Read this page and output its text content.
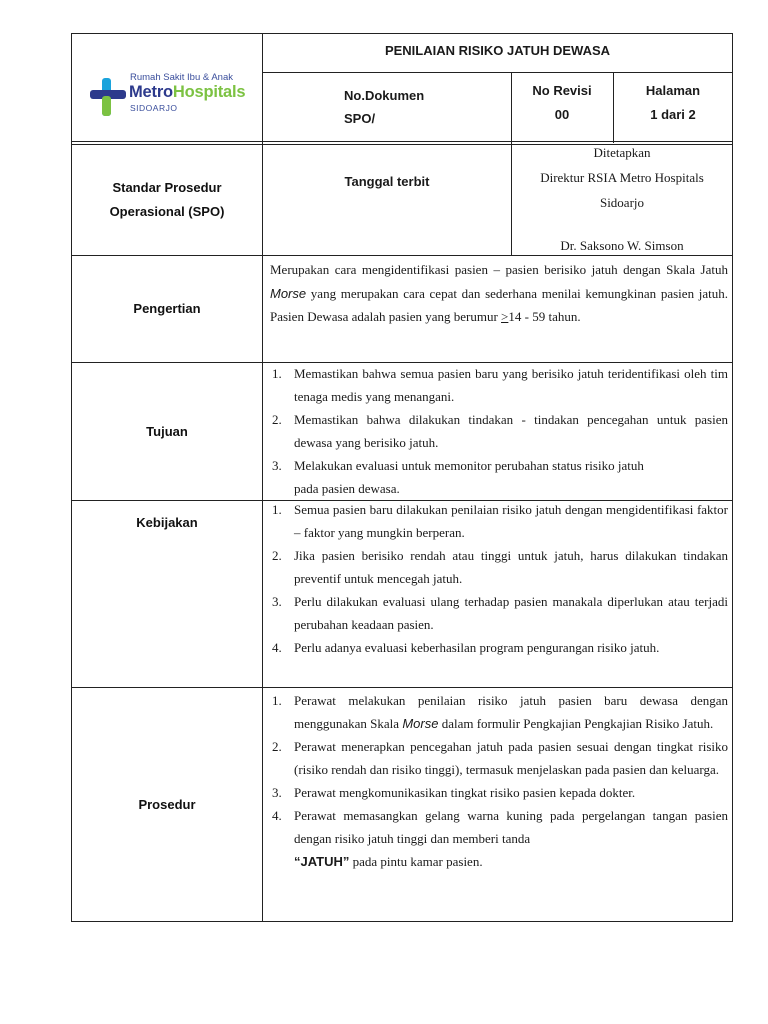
Rumah Sakit Ibu & Anak
MetroHospitals
SIDOARJO
PENILAIAN RISIKO JATUH DEWASA
No.Dokumen
SPO/
No Revisi
00
Halaman
1 dari 2
Standar Prosedur Operasional (SPO)
Tanggal terbit
Ditetapkan
Direktur RSIA Metro Hospitals
Sidoarjo
Dr. Saksono W. Simson
Pengertian
Merupakan cara mengidentifikasi pasien – pasien berisiko jatuh dengan Skala Jatuh Morse yang merupakan cara cepat dan sederhana menilai kemungkinan pasien jatuh. Pasien Dewasa adalah pasien yang berumur >14 - 59 tahun.
Tujuan
1. Memastikan bahwa semua pasien baru yang berisiko jatuh teridentifikasi oleh tim tenaga medis yang menangani.
2. Memastikan bahwa dilakukan tindakan - tindakan pencegahan untuk pasien dewasa yang berisiko jatuh.
3. Melakukan evaluasi untuk memonitor perubahan status risiko jatuh
pada pasien dewasa.
Kebijakan
1. Semua pasien baru dilakukan penilaian risiko jatuh dengan mengidentifikasi faktor – faktor yang mungkin berperan.
2. Jika pasien berisiko rendah atau tinggi untuk jatuh, harus dilakukan tindakan preventif untuk mencegah jatuh.
3. Perlu dilakukan evaluasi ulang terhadap pasien manakala diperlukan atau terjadi perubahan keadaan pasien.
4. Perlu adanya evaluasi keberhasilan program pengurangan risiko jatuh.
Prosedur
1. Perawat melakukan penilaian risiko jatuh pasien baru dewasa dengan menggunakan Skala Morse dalam formulir Pengkajian Pengkajian Risiko Jatuh.
2. Perawat menerapkan pencegahan jatuh pada pasien sesuai dengan tingkat risiko (risiko rendah dan risiko tinggi), termasuk menjelaskan pada pasien dan keluarga.
3. Perawat mengkomunikasikan tingkat risiko pasien kepada dokter.
4. Perawat memasangkan gelang warna kuning pada pergelangan tangan pasien dengan risiko jatuh tinggi dan memberi tanda
“JATUH” pada pintu kamar pasien.
